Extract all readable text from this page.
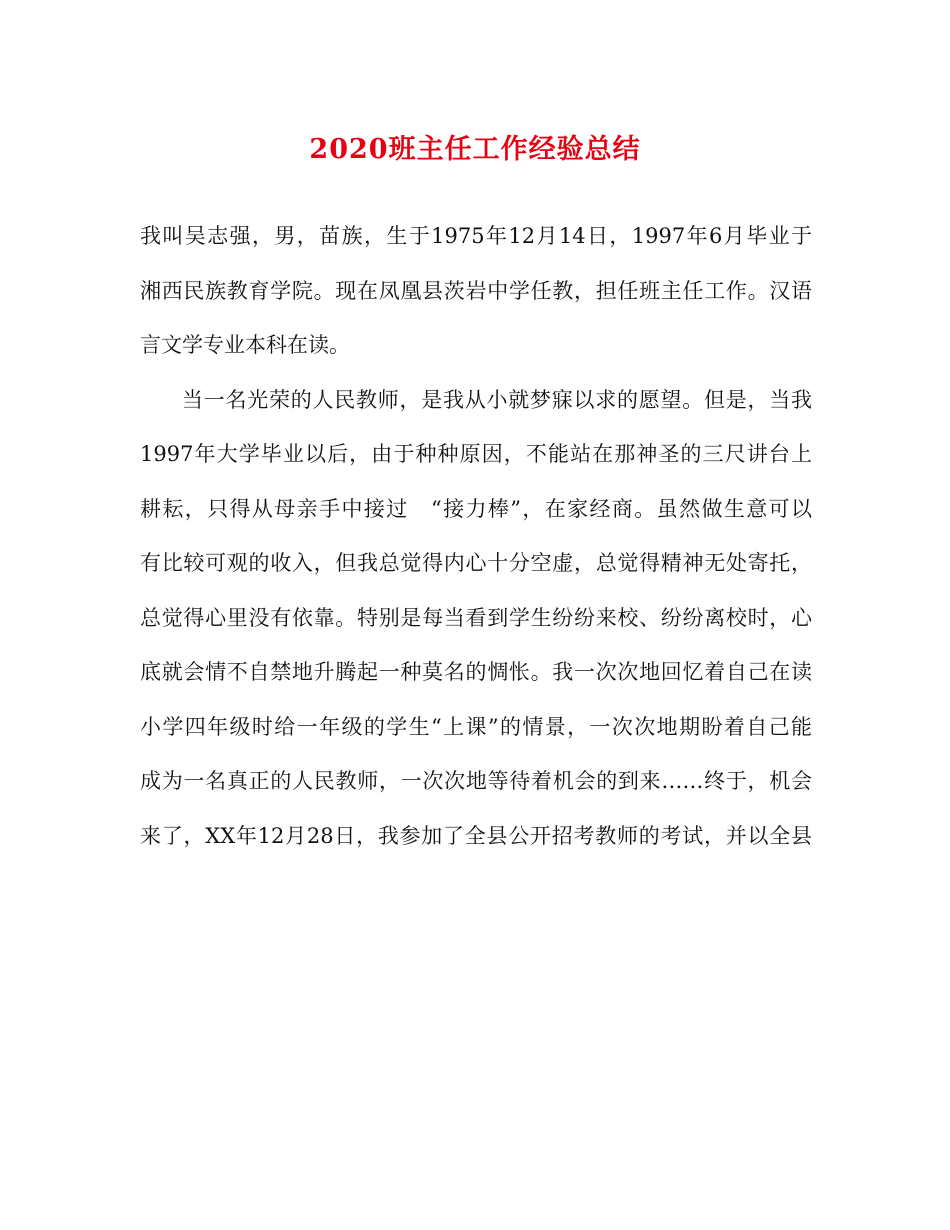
2020班主任工作经验总结
我叫吴志强，男，苗族，生于1975年12月14日，1997年6月毕业于
湘西民族教育学院。现在凤凰县茨岩中学任教，担任班主任工作。汉语
言文学专业本科在读。
当一名光荣的人民教师，是我从小就梦寐以求的愿望。但是，当我
1997年大学毕业以后，由于种种原因，不能站在那神圣的三尺讲台上
耕耘，只得从母亲手中接过　“接力棒”，在家经商。虽然做生意可以
有比较可观的收入，但我总觉得内心十分空虚，总觉得精神无处寄托，
总觉得心里没有依靠。特别是每当看到学生纷纷来校、纷纷离校时，心
底就会情不自禁地升腾起一种莫名的惆怅。我一次次地回忆着自己在读
小学四年级时给一年级的学生“上课”的情景，一次次地期盼着自己能
成为一名真正的人民教师，一次次地等待着机会的到来……终于，机会
来了，XX年12月28日，我参加了全县公开招考教师的考试，并以全县
